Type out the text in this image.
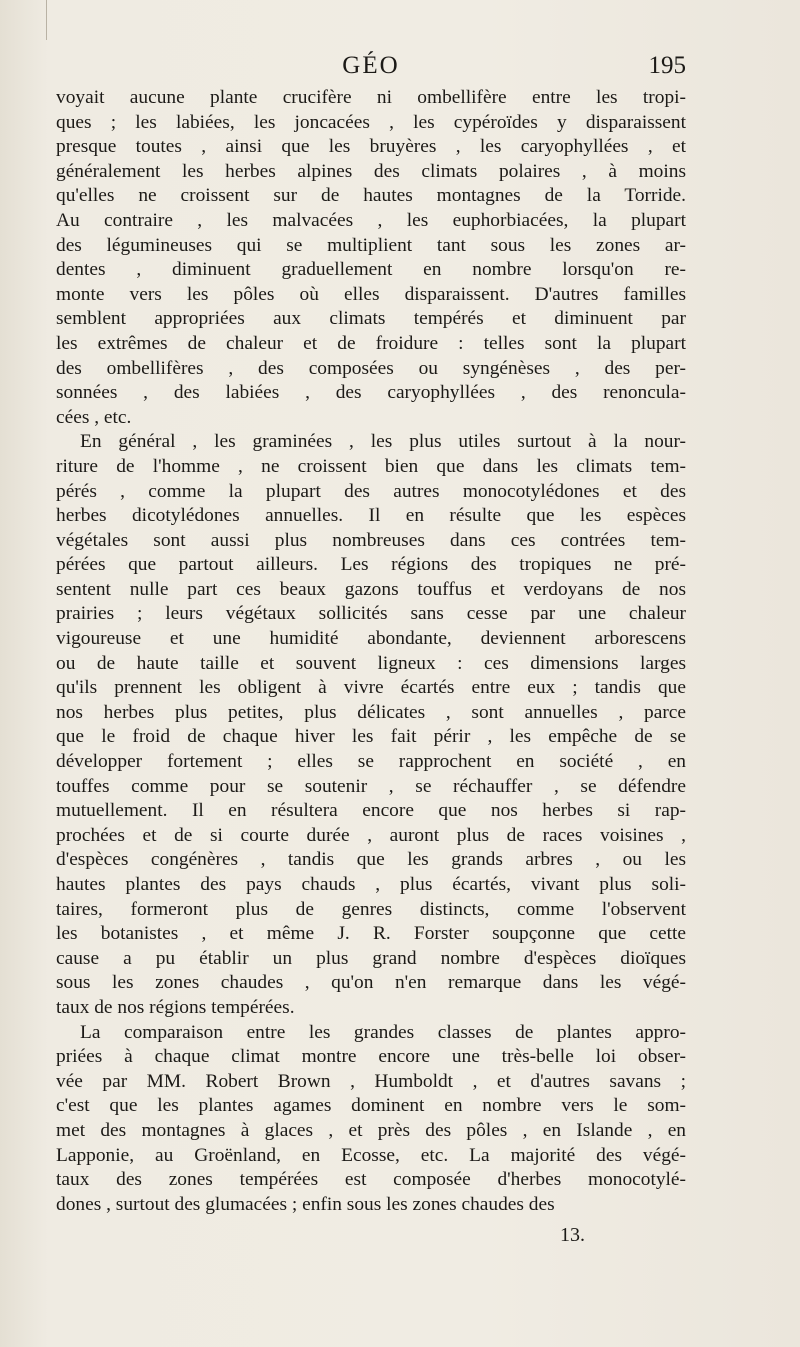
GÉO	195
voyait aucune plante crucifère ni ombellifère entre les tropi-
ques ; les labiées, les joncacées , les cypéroïdes y disparaissent
presque toutes , ainsi que les bruyères , les caryophyllées , et
généralement les herbes alpines des climats polaires , à moins
qu'elles ne croissent sur de hautes montagnes de la Torride.
Au contraire , les malvacées , les euphorbiacées, la plupart
des légumineuses qui se multiplient tant sous les zones ar-
dentes , diminuent graduellement en nombre lorsqu'on re-
monte vers les pôles où elles disparaissent. D'autres familles
semblent appropriées aux climats tempérés et diminuent par
les extrêmes de chaleur et de froidure : telles sont la plupart
des ombellifères , des composées ou syngénèses , des per-
sonnées , des labiées , des caryophyllées , des renoncula-
cées , etc.
En général , les graminées , les plus utiles surtout à la nour-
riture de l'homme , ne croissent bien que dans les climats tem-
pérés , comme la plupart des autres monocotylédones et des
herbes dicotylédones annuelles. Il en résulte que les espèces
végétales sont aussi plus nombreuses dans ces contrées tem-
pérées que partout ailleurs. Les régions des tropiques ne pré-
sentent nulle part ces beaux gazons touffus et verdoyans de nos
prairies ; leurs végétaux sollicités sans cesse par une chaleur
vigoureuse et une humidité abondante, deviennent arborescens
ou de haute taille et souvent ligneux : ces dimensions larges
qu'ils prennent les obligent à vivre écartés entre eux ; tandis que
nos herbes plus petites, plus délicates , sont annuelles , parce
que le froid de chaque hiver les fait périr , les empêche de se
développer fortement ; elles se rapprochent en société , en
touffes comme pour se soutenir , se réchauffer , se défendre
mutuellement. Il en résultera encore que nos herbes si rap-
prochées et de si courte durée , auront plus de races voisines ,
d'espèces congénères , tandis que les grands arbres , ou les
hautes plantes des pays chauds , plus écartés, vivant plus soli-
taires, formeront plus de genres distincts, comme l'observent
les botanistes , et même J. R. Forster soupçonne que cette
cause a pu établir un plus grand nombre d'espèces dioïques
sous les zones chaudes , qu'on n'en remarque dans les végé-
taux de nos régions tempérées.
La comparaison entre les grandes classes de plantes appro-
priées à chaque climat montre encore une très-belle loi obser-
vée par MM. Robert Brown , Humboldt , et d'autres savans ;
c'est que les plantes agames dominent en nombre vers le som-
met des montagnes à glaces , et près des pôles , en Islande , en
Lapponie, au Groënland, en Ecosse, etc. La majorité des végé-
taux des zones tempérées est composée d'herbes monocotylé-
dones , surtout des glumacées ; enfin sous les zones chaudes des
13.
